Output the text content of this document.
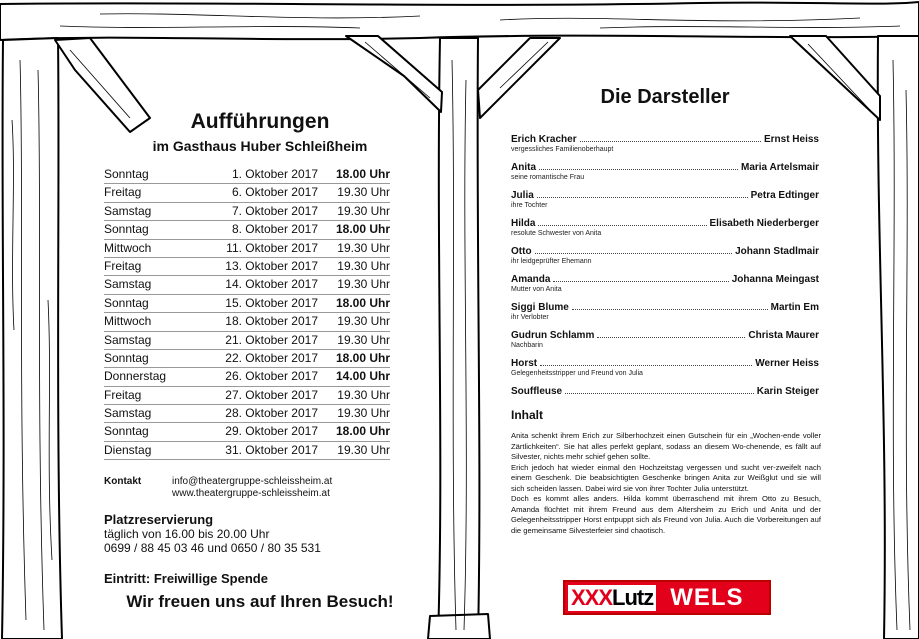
Aufführungen
im Gasthaus Huber Schleißheim
Sonntag	1. Oktober 2017	18.00 Uhr
Freitag	6. Oktober 2017	19.30 Uhr
Samstag	7. Oktober 2017	19.30 Uhr
Sonntag	8. Oktober 2017	18.00 Uhr
Mittwoch	11. Oktober 2017	19.30 Uhr
Freitag	13. Oktober 2017	19.30 Uhr
Samstag	14. Oktober 2017	19.30 Uhr
Sonntag	15. Oktober 2017	18.00 Uhr
Mittwoch	18. Oktober 2017	19.30 Uhr
Samstag	21. Oktober 2017	19.30 Uhr
Sonntag	22. Oktober 2017	18.00 Uhr
Donnerstag	26. Oktober 2017	14.00 Uhr
Freitag	27. Oktober 2017	19.30 Uhr
Samstag	28. Oktober 2017	19.30 Uhr
Sonntag	29. Oktober 2017	18.00 Uhr
Dienstag	31. Oktober 2017	19.30 Uhr
Kontakt	info@theatergruppe-schleissheim.at
www.theatergruppe-schleissheim.at
Platzreservierung
täglich von 16.00 bis 20.00 Uhr
0699 / 88 45 03 46 und 0650 / 80 35 531
Eintritt: Freiwillige Spende
Wir freuen uns auf Ihren Besuch!
Die Darsteller
Erich Kracher	Ernst Heiss
vergessliches Familienoberhaupt
Anita	Maria Artelsmair
seine romantische Frau
Julia	Petra Edtinger
ihre Tochter
Hilda	Elisabeth Niederberger
resolute Schwester von Anita
Otto	Johann Stadlmair
ihr leidgeprüfter Ehemann
Amanda	Johanna Meingast
Mutter von Anita
Siggi Blume	Martin Em
ihr Verlobter
Gudrun Schlamm	Christa Maurer
Nachbarin
Horst	Werner Heiss
Gelegenheitsstripper und Freund von Julia
Souffleuse	Karin Steiger
Inhalt

Anita schenkt ihrem Erich zur Silberhochzeit einen Gutschein für ein „Wochen-ende voller Zärtlichkeiten“. Sie hat alles perfekt geplant, sodass an diesem Wo-chenende, es fällt auf Silvester, nichts mehr schief gehen sollte.

Erich jedoch hat wieder einmal den Hochzeitstag vergessen und sucht ver-zweifelt nach einem Geschenk. Die beabsichtigten Geschenke bringen Anita zur Weißglut und sie will sich scheiden lassen. Dabei wird sie von ihrer Tochter Julia unterstützt.

Doch es kommt alles anders. Hilda kommt überraschend mit ihrem Otto zu Besuch, Amanda flüchtet mit ihrem Freund aus dem Altersheim zu Erich und Anita und der Gelegenheitsstripper Horst entpuppt sich als Freund von Julia. Auch die Vorbereitungen auf die gemeinsame Silvesterfeier sind chaotisch.

XXXLutz WELS
